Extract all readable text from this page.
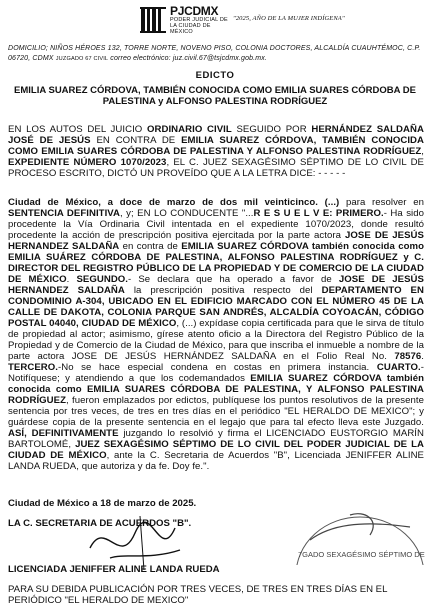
PJCDMX
PODER JUDICIAL DE LA CIUDAD DE MÉXICO
"2025, AÑO DE LA MUJER INDÍGENA"
DOMICILIO; NIÑOS HÉROES 132, TORRE NORTE, NOVENO PISO, COLONIA DOCTORES, ALCALDÍA CUAUHTÉMOC, C.P.
06720, CDMX JUZGADO 67 CIVIL correo electrónico: juz.civil.67@tsjcdmx.gob.mx.
EDICTO
EMILIA SUAREZ CÓRDOVA, TAMBIÉN CONOCIDA COMO EMILIA SUARES CÓRDOBA DE PALESTINA y ALFONSO PALESTINA RODRÍGUEZ
EN LOS AUTOS DEL JUICIO ORDINARIO CIVIL SEGUIDO POR HERNÁNDEZ SALDAÑA JOSÉ DE JESÚS EN CONTRA DE EMILIA SUAREZ CÓRDOVA, TAMBIÉN CONOCIDA COMO EMILIA SUARES CÓRDOBA DE PALESTINA Y ALFONSO PALESTINA RODRÍGUEZ, EXPEDIENTE NÚMERO 1070/2023, EL C. JUEZ SEXAGÉSIMO SÉPTIMO DE LO CIVIL DE PROCESO ESCRITO, DICTÓ UN PROVEÍDO QUE A LA LETRA DICE: - - - - -
Ciudad de México, a doce de marzo de dos mil veinticinco. (...) para resolver en SENTENCIA DEFINITIVA, y; EN LO CONDUCENTE "...R E S U E L V E: PRIMERO.- Ha sido procedente la Vía Ordinaria Civil intentada en el expediente 1070/2023, donde resultó procedente la acción de prescripción positiva ejercitada por la parte actora JOSE DE JESÚS HERNANDEZ SALDAÑA en contra de EMILIA SUAREZ CÓRDOVA también conocida como EMILIA SUÁREZ CÓRDOBA DE PALESTINA, ALFONSO PALESTINA RODRÍGUEZ y C. DIRECTOR DEL REGISTRO PÚBLICO DE LA PROPIEDAD Y DE COMERCIO DE LA CIUDAD DE MÉXICO. SEGUNDO.- Se declara que ha operado a favor de JOSE DE JESÚS HERNANDEZ SALDAÑA la prescripción positiva respecto del DEPARTAMENTO EN CONDOMINIO A-304, UBICADO EN EL EDIFICIO MARCADO CON EL NÚMERO 45 DE LA CALLE DE DAKOTA, COLONIA PARQUE SAN ANDRÉS, ALCALDÍA COYOACÁN, CÓDIGO POSTAL 04040, CIUDAD DE MÉXICO, (...) expídase copia certificada para que le sirva de título de propiedad al actor; asimismo, gírese atento oficio a la Directora del Registro Público de la Propiedad y de Comercio de la Ciudad de México, para que inscriba el inmueble a nombre de la parte actora JOSE DE JESÚS HERNÁNDEZ SALDAÑA en el Folio Real No. 78576. TERCERO.-No se hace especial condena en costas en primera instancia. CUARTO.- Notifíquese; y atendiendo a que los codemandados EMILIA SUAREZ CÓRDOVA también conocida como EMILIA SUARES CÓRDOBA DE PALESTINA, Y ALFONSO PALESTINA RODRÍGUEZ, fueron emplazados por edictos, publíquese los puntos resolutivos de la presente sentencia por tres veces, de tres en tres días en el periódico "EL HERALDO DE MEXICO"; y guárdese copia de la presente sentencia en el legajo que para tal efecto lleva este Juzgado. ASÍ, DEFINITIVAMENTE juzgando lo resolvió y firma el LICENCIADO EUSTORGIO MARÍN BARTOLOMÉ, JUEZ SEXAGÉSIMO SÉPTIMO DE LO CIVIL DEL PODER JUDICIAL DE LA CIUDAD DE MÉXICO, ante la C. Secretaria de Acuerdos "B", Licenciada JENIFFER ALINE LANDA RUEDA, que autoriza y da fe. Doy fe.".
Ciudad de México a 18 de marzo de 2025.
LA C. SECRETARIA DE ACUERDOS "B".
7GADO SEXAGÉSIMO SÉPTIMO DE
LICENCIADA JENIFFER ALINE LANDA RUEDA
PARA SU DEBIDA PUBLICACIÓN POR TRES VECES, DE TRES EN TRES DÍAS EN EL PERIÓDICO "EL HERALDO DE MEXICO"
